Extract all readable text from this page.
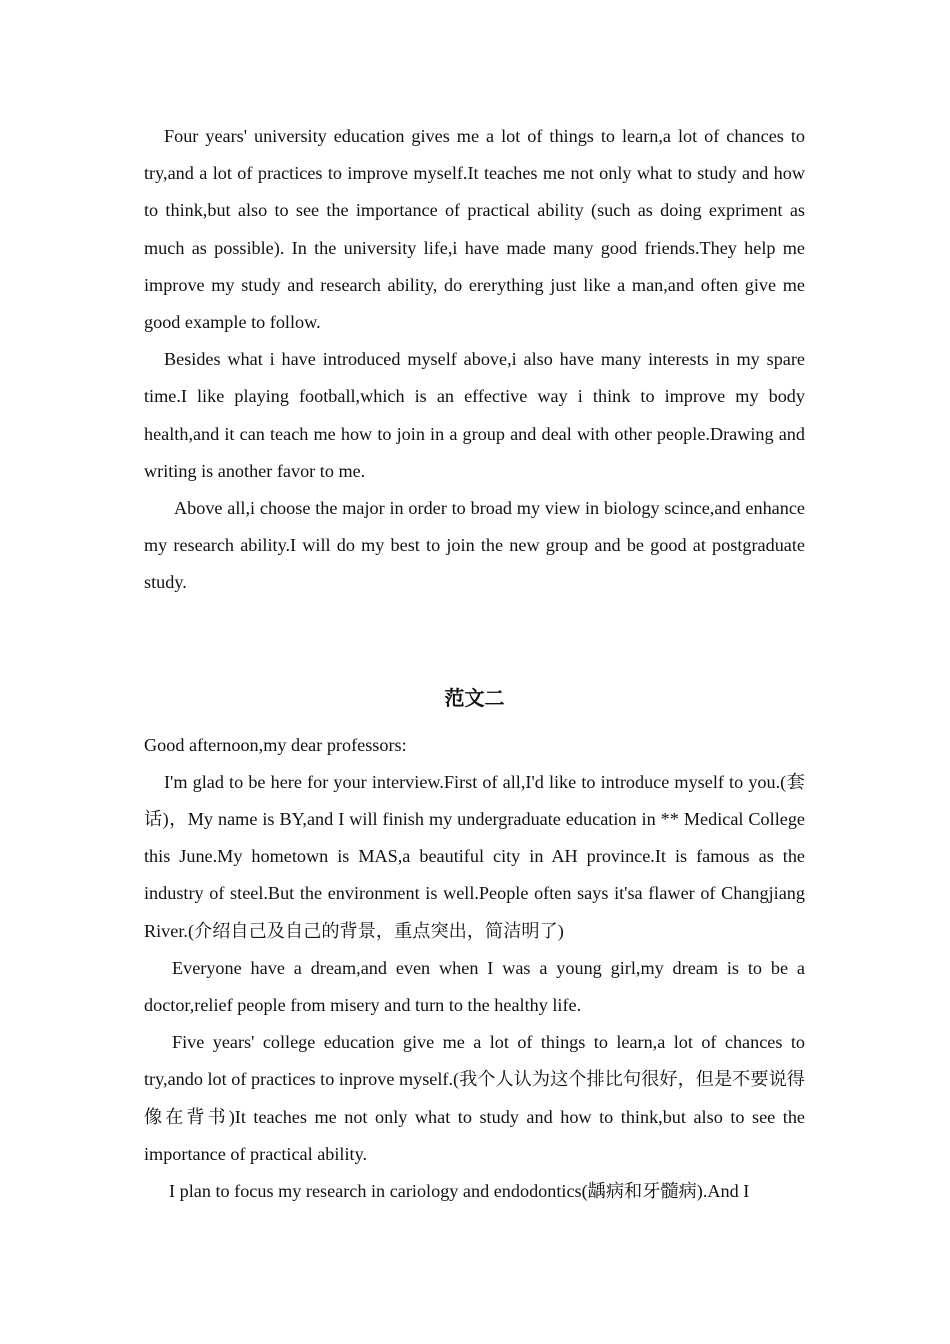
Four years' university education gives me a lot of things to learn,a lot of chances to try,and a lot of practices to improve myself.It teaches me not only what to study and how to think,but also to see the importance of practical ability (such as doing expriment as much as possible). In the university life,i have made many good friends.They help me improve my study and research ability, do ererything just like a man,and often give me good example to follow.

Besides what i have introduced myself above,i also have many interests in my spare time.I like playing football,which is an effective way i think to improve my body health,and it can teach me how to join in a group and deal with other people.Drawing and writing is another favor to me.

Above all,i choose the major in order to broad my view in biology scince,and enhance my research ability.I will do my best to join the new group and be good at postgraduate study.

范文二

Good afternoon,my dear professors:

I'm glad to be here for your interview.First of all,I'd like to introduce myself to you.(套话)，My name is BY,and I will finish my undergraduate education in ** Medical College this June.My hometown is MAS,a beautiful city in AH province.It is famous as the industry of steel.But the environment is well.People often says it'sa flawer of Changjiang River.(介绍自己及自己的背景，重点突出，简洁明了)

Everyone have a dream,and even when I was a young girl,my dream is to be a doctor,relief people from misery and turn to the healthy life.

Five years' college education give me a lot of things to learn,a lot of chances to try,ando lot of practices to inprove myself.(我个人认为这个排比句很好，但是不要说得像在背书)It teaches me not only what to study and how to think,but also to see the importance of practical ability.

I plan to focus my research in cariology and endodontics(龋病和牙髓病).And I
